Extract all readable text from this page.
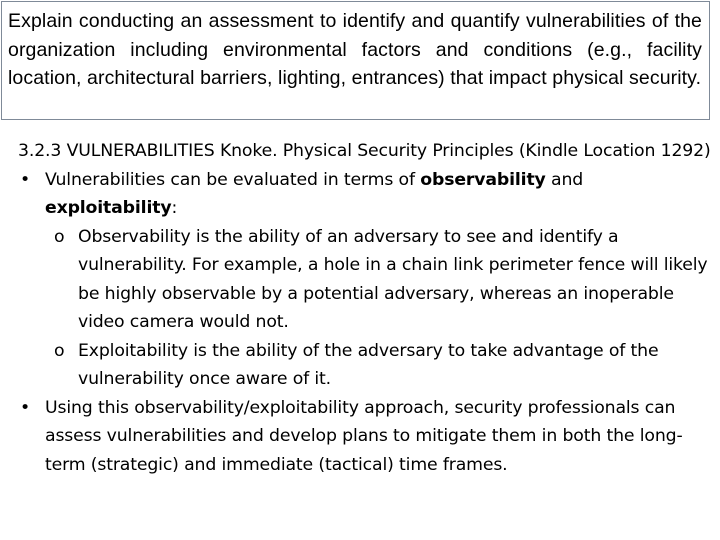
Explain conducting an assessment to identify and quantify vulnerabilities of the organization including environmental factors and conditions (e.g., facility location, architectural barriers, lighting, entrances) that impact physical security.

3.2.3 VULNERABILITIES Knoke. Physical Security Principles (Kindle Location 1292)

• Vulnerabilities can be evaluated in terms of observability and exploitability:
o Observability is the ability of an adversary to see and identify a vulnerability. For example, a hole in a chain link perimeter fence will likely be highly observable by a potential adversary, whereas an inoperable video camera would not.
o Exploitability is the ability of the adversary to take advantage of the vulnerability once aware of it.
• Using this observability/exploitability approach, security professionals can assess vulnerabilities and develop plans to mitigate them in both the long-term (strategic) and immediate (tactical) time frames.
